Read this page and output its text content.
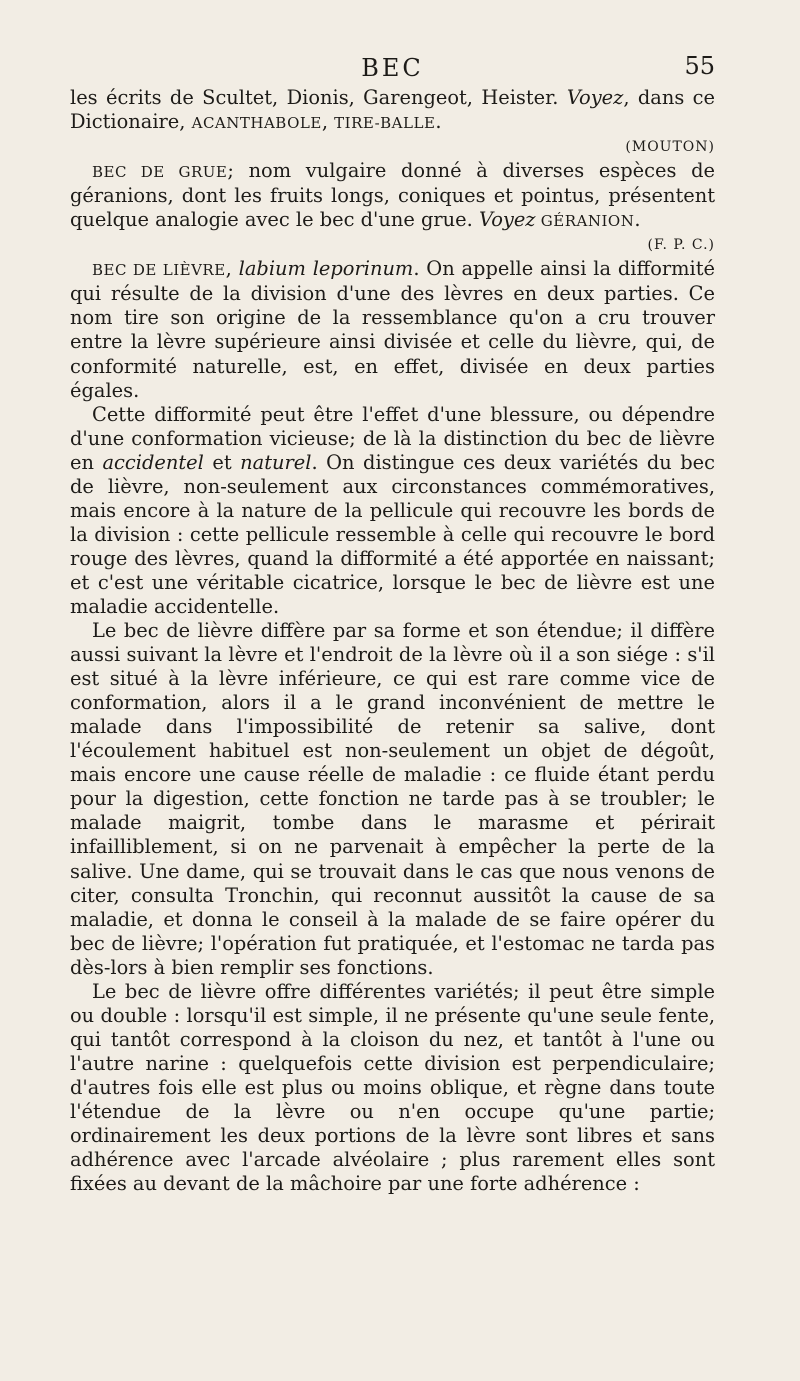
BEC	55

les écrits de Scultet, Dionis, Garengeot, Heister. Voyez, dans ce Dictionaire, ACANTHABOLE, TIRE-BALLE.

(MOUTON)

BEC DE GRUE; nom vulgaire donné à diverses espèces de géranions, dont les fruits longs, coniques et pointus, présentent quelque analogie avec le bec d'une grue. Voyez GÉRANION.

(F. P. C.)

BEC DE LIÈVRE, labium leporinum. On appelle ainsi la difformité qui résulte de la division d'une des lèvres en deux parties. Ce nom tire son origine de la ressemblance qu'on a cru trouver entre la lèvre supérieure ainsi divisée et celle du lièvre, qui, de conformité naturelle, est, en effet, divisée en deux parties égales.

Cette difformité peut être l'effet d'une blessure, ou dépendre d'une conformation vicieuse; de là la distinction du bec de lièvre en accidentel et naturel. On distingue ces deux variétés du bec de lièvre, non-seulement aux circonstances commémoratives, mais encore à la nature de la pellicule qui recouvre les bords de la division : cette pellicule ressemble à celle qui recouvre le bord rouge des lèvres, quand la difformité a été apportée en naissant; et c'est une véritable cicatrice, lorsque le bec de lièvre est une maladie accidentelle.

Le bec de lièvre diffère par sa forme et son étendue; il diffère aussi suivant la lèvre et l'endroit de la lèvre où il a son siége : s'il est situé à la lèvre inférieure, ce qui est rare comme vice de conformation, alors il a le grand inconvénient de mettre le malade dans l'impossibilité de retenir sa salive, dont l'écoulement habituel est non-seulement un objet de dégoût, mais encore une cause réelle de maladie : ce fluide étant perdu pour la digestion, cette fonction ne tarde pas à se troubler; le malade maigrit, tombe dans le marasme et périrait infailliblement, si on ne parvenait à empêcher la perte de la salive. Une dame, qui se trouvait dans le cas que nous venons de citer, consulta Tronchin, qui reconnut aussitôt la cause de sa maladie, et donna le conseil à la malade de se faire opérer du bec de lièvre; l'opération fut pratiquée, et l'estomac ne tarda pas dès-lors à bien remplir ses fonctions.

Le bec de lièvre offre différentes variétés; il peut être simple ou double : lorsqu'il est simple, il ne présente qu'une seule fente, qui tantôt correspond à la cloison du nez, et tantôt à l'une ou l'autre narine : quelquefois cette division est perpendiculaire; d'autres fois elle est plus ou moins oblique, et règne dans toute l'étendue de la lèvre ou n'en occupe qu'une partie; ordinairement les deux portions de la lèvre sont libres et sans adhérence avec l'arcade alvéolaire ; plus rarement elles sont fixées au devant de la mâchoire par une forte adhérence :
